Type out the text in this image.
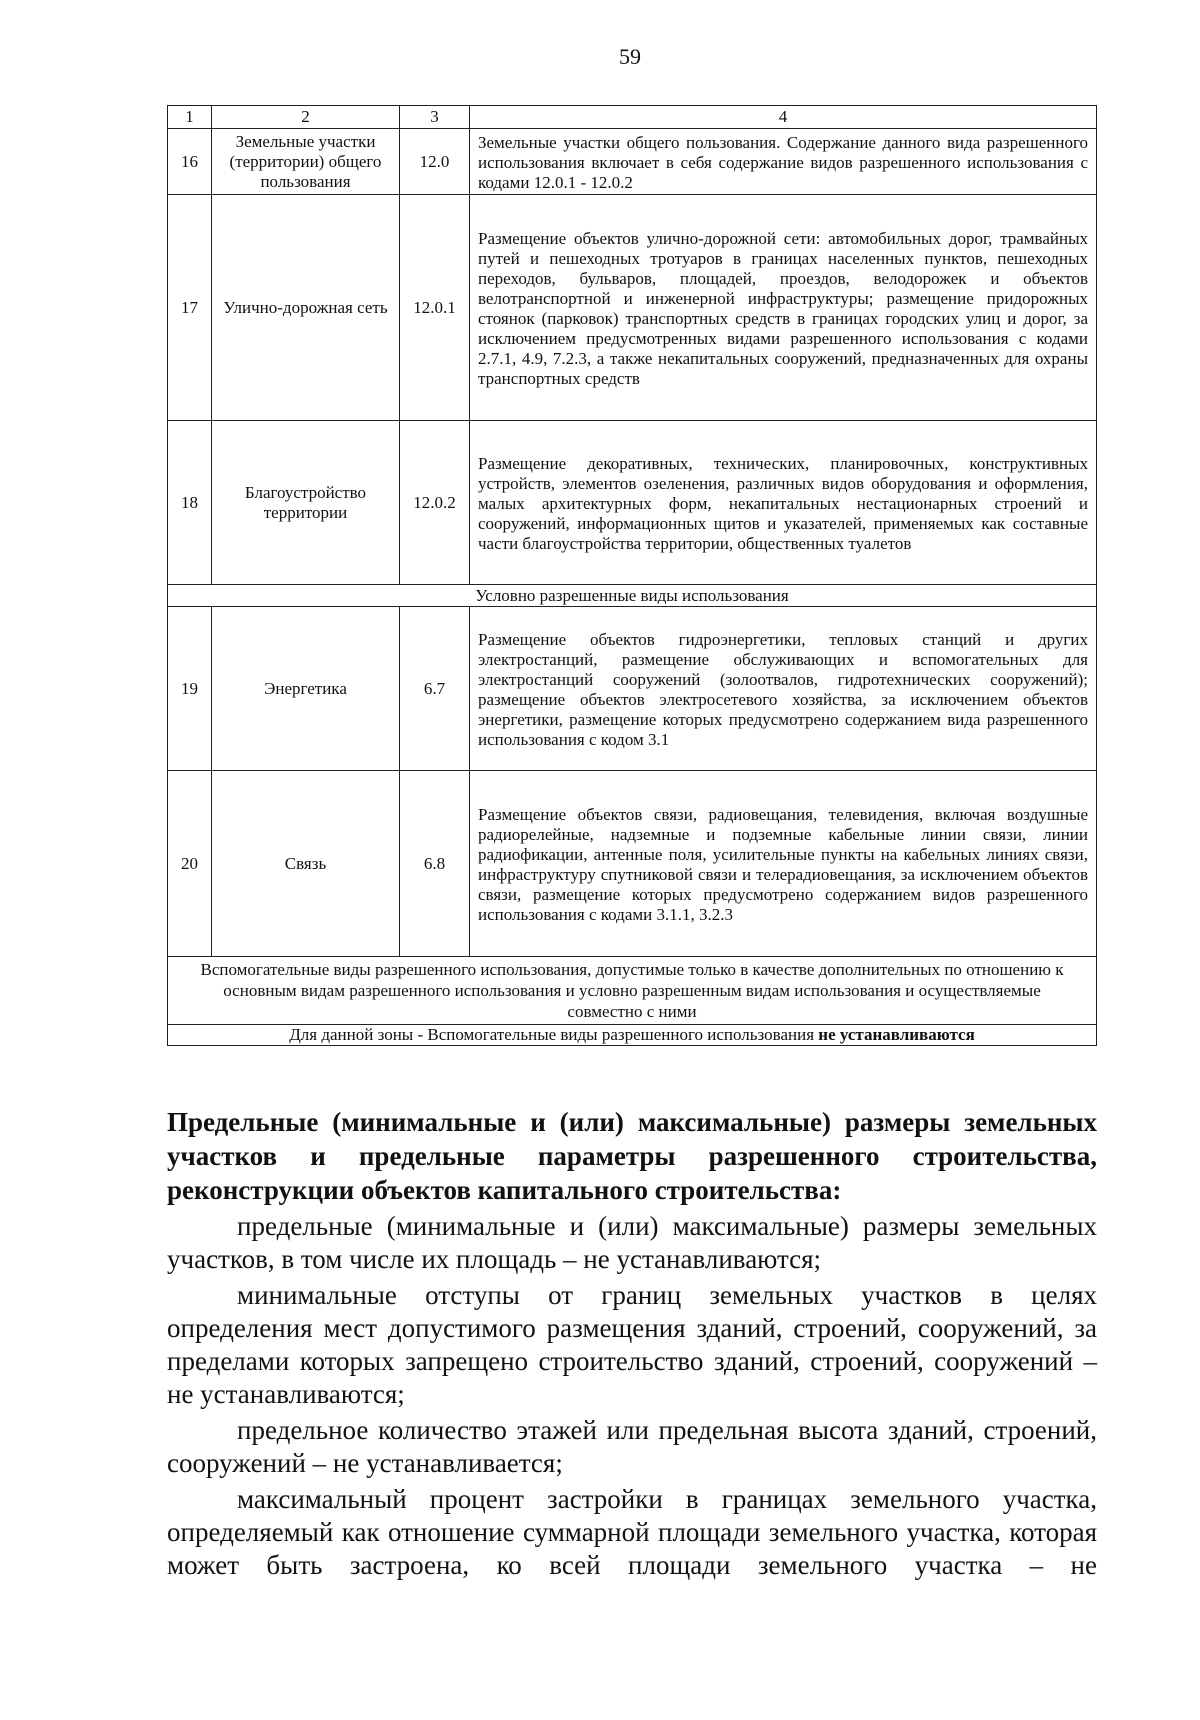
59
1	2	3	4
16	Земельные участки (территории) общего пользования	12.0	Земельные участки общего пользования. Содержание данного вида разрешенного использования включает в себя содержание видов разрешенного использования с кодами 12.0.1 - 12.0.2
17	Улично-дорожная сеть	12.0.1	Размещение объектов улично-дорожной сети: автомобильных дорог, трамвайных путей и пешеходных тротуаров в границах населенных пунктов, пешеходных переходов, бульваров, площадей, проездов, велодорожек и объектов велотранспортной и инженерной инфраструктуры; размещение придорожных стоянок (парковок) транспортных средств в границах городских улиц и дорог, за исключением предусмотренных видами разрешенного использования с кодами 2.7.1, 4.9, 7.2.3, а также некапитальных сооружений, предназначенных для охраны транспортных средств
18	Благоустройство территории	12.0.2	Размещение декоративных, технических, планировочных, конструктивных устройств, элементов озеленения, различных видов оборудования и оформления, малых архитектурных форм, некапитальных нестационарных строений и сооружений, информационных щитов и указателей, применяемых как составные части благоустройства территории, общественных туалетов
Условно разрешенные виды использования			
19	Энергетика	6.7	Размещение объектов гидроэнергетики, тепловых станций и других электростанций, размещение обслуживающих и вспомогательных для электростанций сооружений (золоотвалов, гидротехнических сооружений); размещение объектов электросетевого хозяйства, за исключением объектов энергетики, размещение которых предусмотрено содержанием вида разрешенного использования с кодом 3.1
20	Связь	6.8	Размещение объектов связи, радиовещания, телевидения, включая воздушные радиорелейные, надземные и подземные кабельные линии связи, линии радиофикации, антенные поля, усилительные пункты на кабельных линиях связи, инфраструктуру спутниковой связи и телерадиовещания, за исключением объектов связи, размещение которых предусмотрено содержанием видов разрешенного использования с кодами 3.1.1, 3.2.3
Вспомогательные виды разрешенного использования, допустимые только в качестве дополнительных по отношению к основным видам разрешенного использования и условно разрешенным видам использования и осуществляемые совместно с ними			
Для данной зоны - Вспомогательные виды разрешенного использования не устанавливаются			
Предельные (минимальные и (или) максимальные) размеры земельных участков и предельные параметры разрешенного строительства, реконструкции объектов капитального строительства:

предельные (минимальные и (или) максимальные) размеры земельных участков, в том числе их площадь – не устанавливаются;

минимальные отступы от границ земельных участков в целях определения мест допустимого размещения зданий, строений, сооружений, за пределами которых запрещено строительство зданий, строений, сооружений – не устанавливаются;

предельное количество этажей или предельная высота зданий, строений, сооружений – не устанавливается;

максимальный процент застройки в границах земельного участка, определяемый как отношение суммарной площади земельного участка, которая может быть застроена, ко всей площади земельного участка – не
